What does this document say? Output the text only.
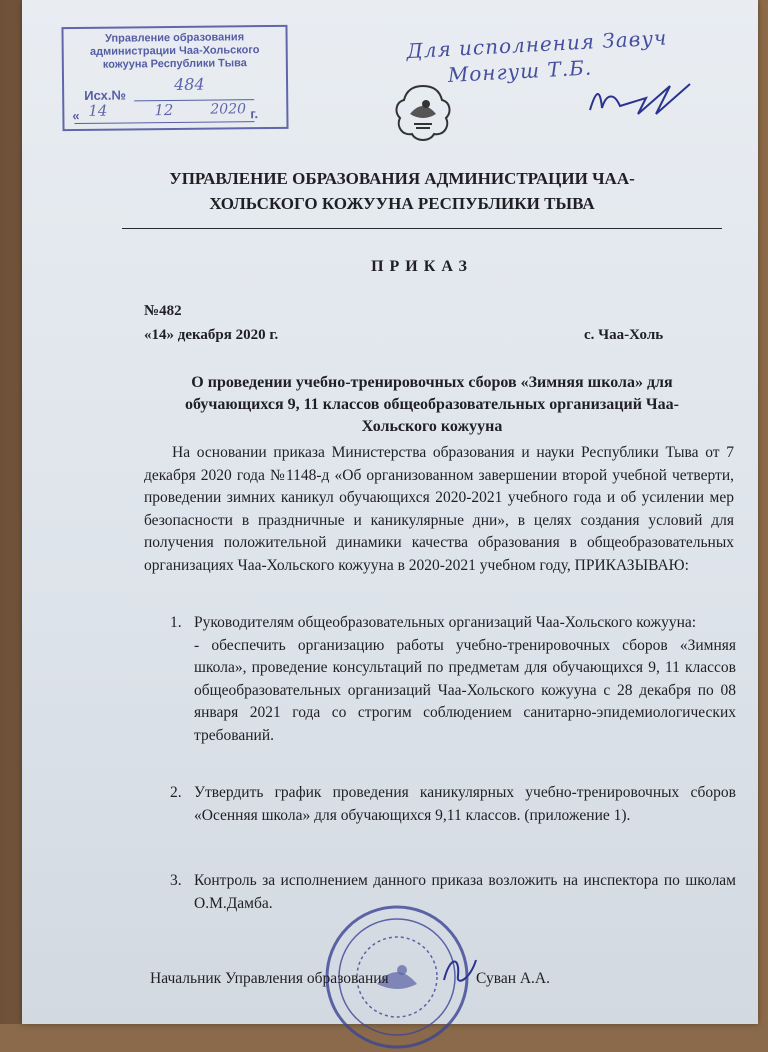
Управление образования
администрации Чаа-Хольского
кожууна Республики Тыва
Исх.№
484
« 14	12	2020 г.
Для исполнения Завуч
Монгуш Т.Б.
УПРАВЛЕНИЕ ОБРАЗОВАНИЯ АДМИНИСТРАЦИИ ЧАА-ХОЛЬСКОГО КОЖУУНА РЕСПУБЛИКИ ТЫВА
ПРИКАЗ
№482
«14» декабря 2020 г.	с. Чаа-Холь
О проведении учебно-тренировочных сборов «Зимняя школа» для обучающихся 9, 11 классов общеобразовательных организаций Чаа-Хольского кожууна
На основании приказа Министерства образования и науки Республики Тыва от 7 декабря 2020 года №1148-д «Об организованном завершении второй учебной четверти, проведении зимних каникул обучающихся 2020-2021 учебного года и об усилении мер безопасности в праздничные и каникулярные дни», в целях создания условий для получения положительной динамики качества образования в общеобразовательных организациях Чаа-Хольского кожууна в 2020-2021 учебном году, ПРИКАЗЫВАЮ:
1. Руководителям общеобразовательных организаций Чаа-Хольского кожууна:
- обеспечить организацию работы учебно-тренировочных сборов «Зимняя школа», проведение консультаций по предметам для обучающихся 9, 11 классов общеобразовательных организаций Чаа-Хольского кожууна с 28 декабря по 08 января 2021 года со строгим соблюдением санитарно-эпидемиологических требований.
2. Утвердить график проведения каникулярных учебно-тренировочных сборов «Осенняя школа» для обучающихся 9,11 классов. (приложение 1).
3. Контроль за исполнением данного приказа возложить на инспектора по школам О.М.Дамба.
Начальник Управления образования	Суван А.А.
